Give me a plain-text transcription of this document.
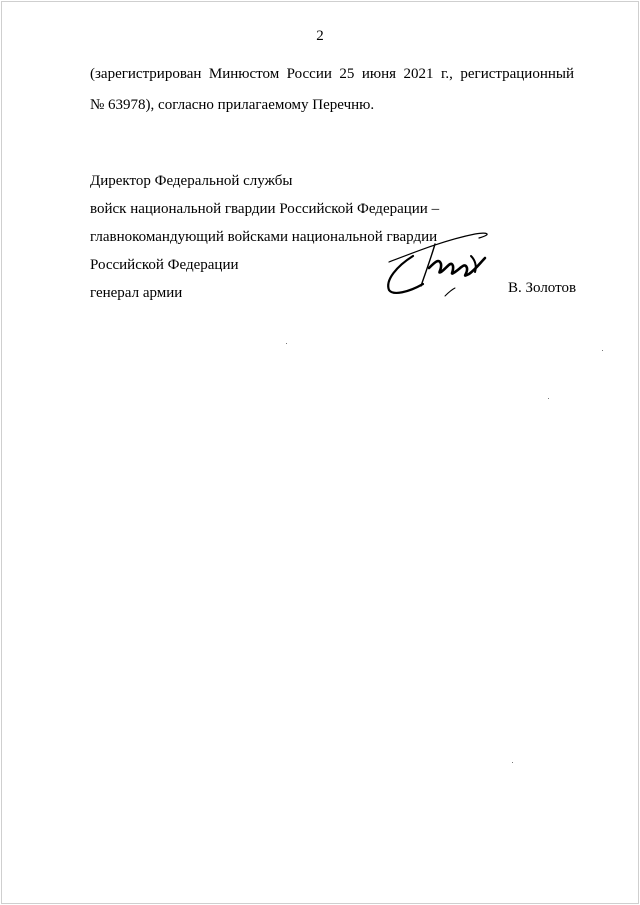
2
(зарегистрирован Минюстом России 25 июня 2021 г., регистрационный
№ 63978), согласно прилагаемому Перечню.
Директор Федеральной службы
войск национальной гвардии Российской Федерации –
главнокомандующий войсками национальной гвардии
Российской Федерации
генерал армии	В. Золотов
